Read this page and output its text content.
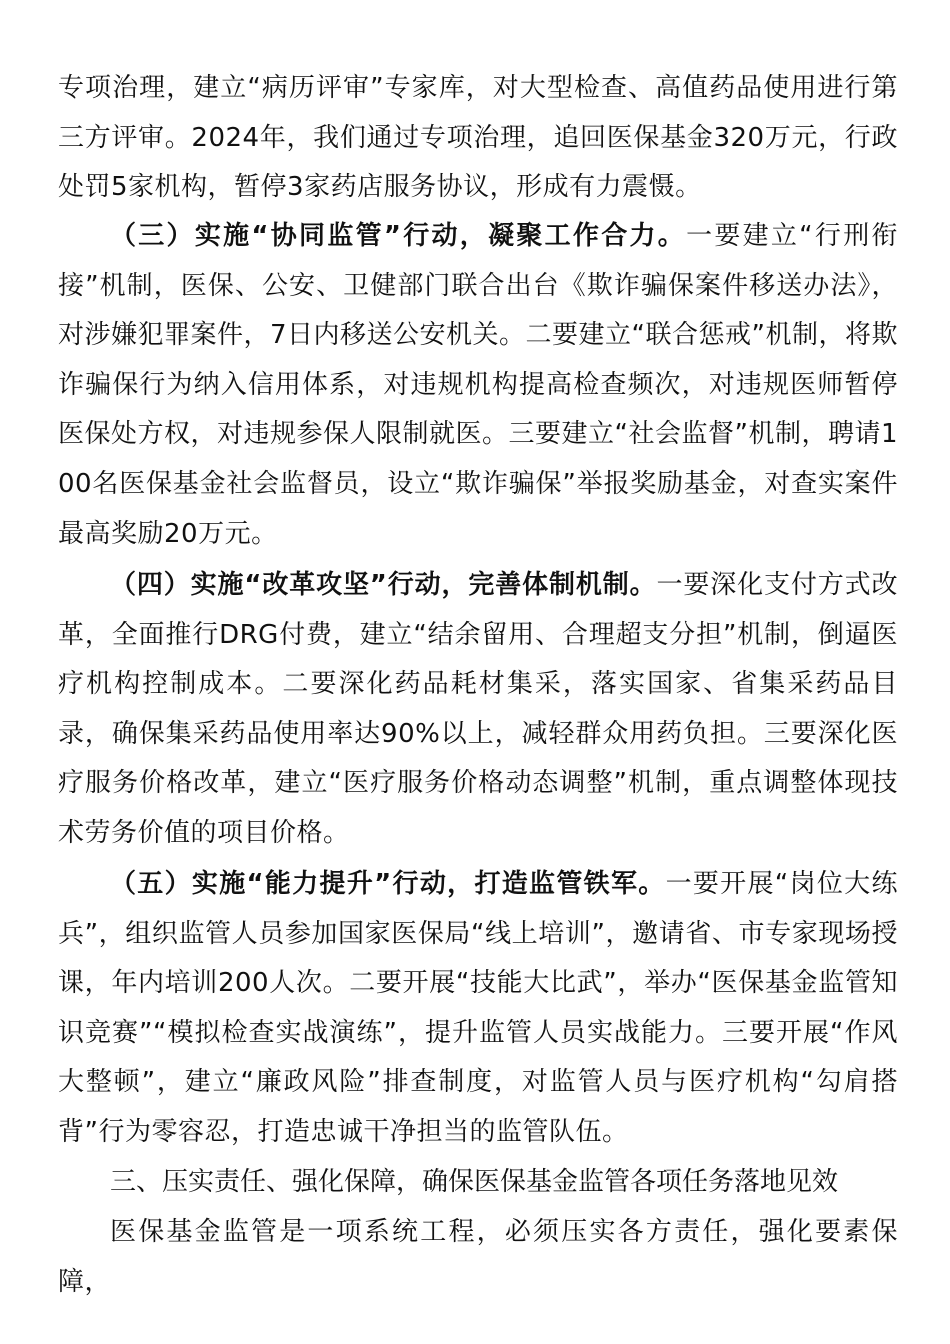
专项治理，建立“病历评审”专家库，对大型检查、高值药品使用进行第三方评审。2024年，我们通过专项治理，追回医保基金320万元，行政处罚5家机构，暂停3家药店服务协议，形成有力震慑。

（三）实施“协同监管”行动，凝聚工作合力。一要建立“行刑衔接”机制，医保、公安、卫健部门联合出台《欺诈骗保案件移送办法》，对涉嫌犯罪案件，7日内移送公安机关。二要建立“联合惩戒”机制，将欺诈骗保行为纳入信用体系，对违规机构提高检查频次，对违规医师暂停医保处方权，对违规参保人限制就医。三要建立“社会监督”机制，聘请100名医保基金社会监督员，设立“欺诈骗保”举报奖励基金，对查实案件最高奖励20万元。

（四）实施“改革攻坚”行动，完善体制机制。一要深化支付方式改革，全面推行DRG付费，建立“结余留用、合理超支分担”机制，倒逼医疗机构控制成本。二要深化药品耗材集采，落实国家、省集采药品目录，确保集采药品使用率达90%以上，减轻群众用药负担。三要深化医疗服务价格改革，建立“医疗服务价格动态调整”机制，重点调整体现技术劳务价值的项目价格。

（五）实施“能力提升”行动，打造监管铁军。一要开展“岗位大练兵”，组织监管人员参加国家医保局“线上培训”，邀请省、市专家现场授课，年内培训200人次。二要开展“技能大比武”，举办“医保基金监管知识竞赛”“模拟检查实战演练”，提升监管人员实战能力。三要开展“作风大整顿”，建立“廉政风险”排查制度，对监管人员与医疗机构“勾肩搭背”行为零容忍，打造忠诚干净担当的监管队伍。

三、压实责任、强化保障，确保医保基金监管各项任务落地见效

医保基金监管是一项系统工程，必须压实各方责任，强化要素保障，
